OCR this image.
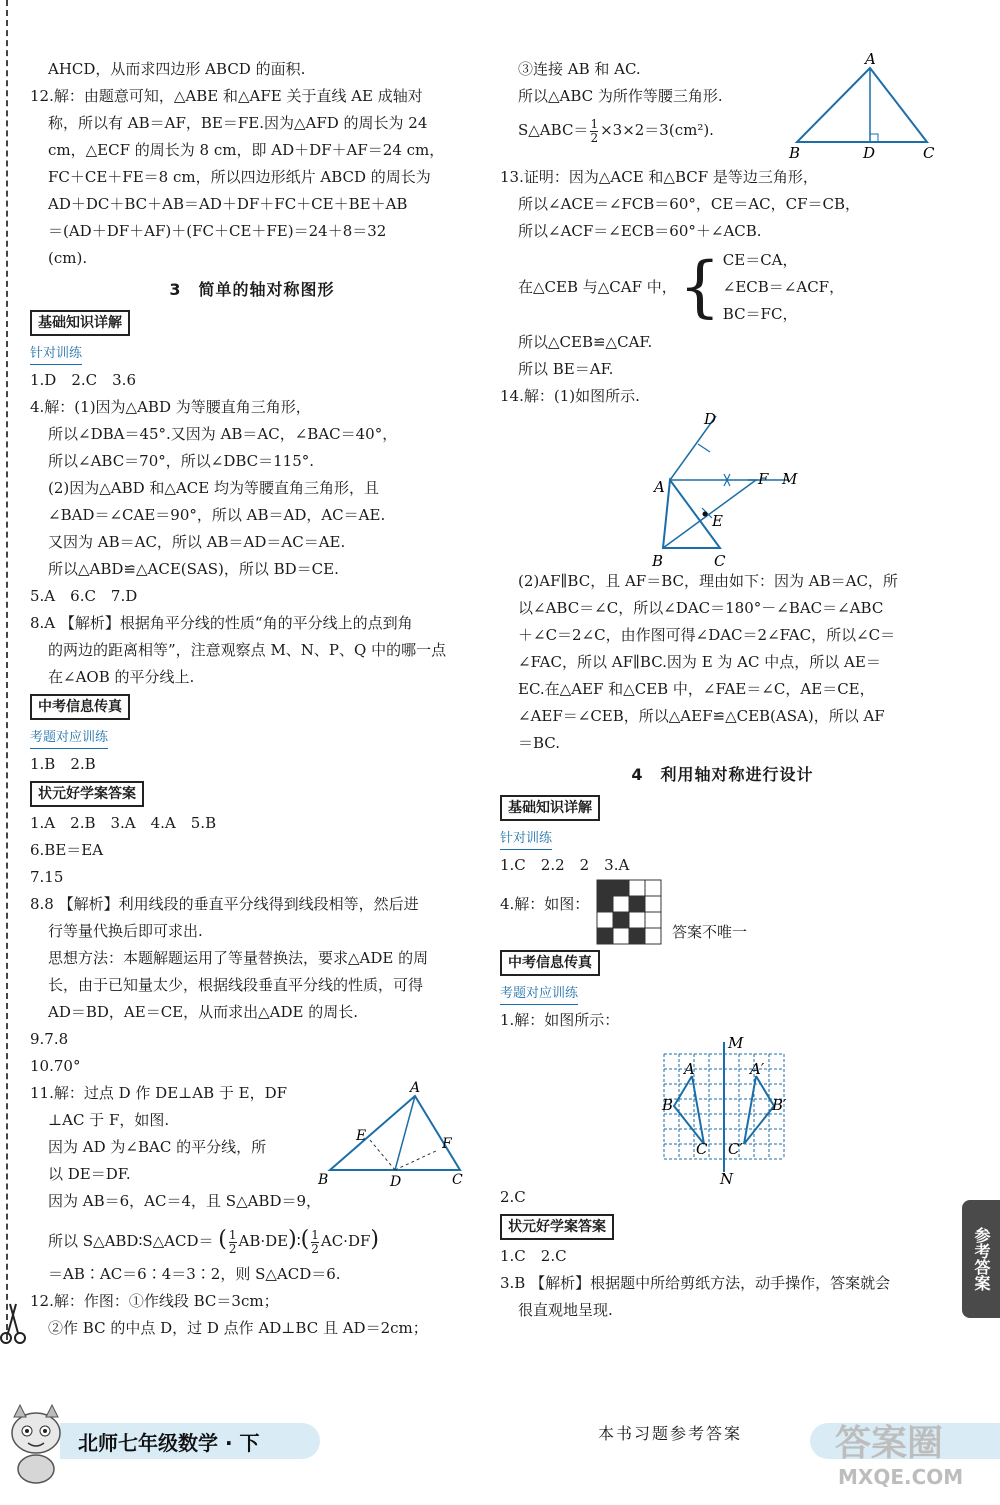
AHCD，从而求四边形 ABCD 的面积.
12.解：由题意可知，△ABE 和△AFE 关于直线 AE 成轴对
称，所以有 AB＝AF，BE＝FE.因为△AFD 的周长为 24
cm，△ECF 的周长为 8 cm，即 AD＋DF＋AF＝24 cm，
FC＋CE＋FE＝8 cm，所以四边形纸片 ABCD 的周长为
AD＋DC＋BC＋AB＝AD＋DF＋FC＋CE＋BE＋AB
＝(AD＋DF＋AF)＋(FC＋CE＋FE)＝24＋8＝32
(cm).
3　简单的轴对称图形
基础知识详解
针对训练
1.D　2.C　3.6
4.解：(1)因为△ABD 为等腰直角三角形，
所以∠DBA＝45°.又因为 AB＝AC，∠BAC＝40°，
所以∠ABC＝70°，所以∠DBC＝115°.
(2)因为△ABD 和△ACE 均为等腰直角三角形，且
∠BAD＝∠CAE＝90°，所以 AB＝AD，AC＝AE.
又因为 AB＝AC，所以 AB＝AD＝AC＝AE.
所以△ABD≌△ACE(SAS)，所以 BD＝CE.
5.A　6.C　7.D
8.A 【解析】根据角平分线的性质“角的平分线上的点到角
的两边的距离相等”，注意观察点 M、N、P、Q 中的哪一点
在∠AOB 的平分线上.
中考信息传真
考题对应训练
1.B　2.B
状元好学案答案
1.A　2.B　3.A　4.A　5.B
6.BE＝EA
7.15
8.8 【解析】利用线段的垂直平分线得到线段相等，然后进
行等量代换后即可求出.
思想方法：本题解题运用了等量替换法，要求△ADE 的周
长，由于已知量太少，根据线段垂直平分线的性质，可得
AD＝BD，AE＝CE，从而求出△ADE 的周长.
9.7.8
10.70°
11.解：过点 D 作 DE⊥AB 于 E，DF
⊥AC 于 F，如图.
因为 AD 为∠BAC 的平分线，所
以 DE＝DF.
因为 AB＝6，AC＝4，且 S△ABD＝9，
A
B	C
D
E	F
所以 S△ABD∶S△ACD＝ ( $\frac{1}{2}$ AB·DE)∶( $\frac{1}{2} AC\cdot DF$)
＝AB∶AC＝6∶4＝3∶2，则 S△ACD＝6.
12.解：作图：①作线段 BC＝3cm；
②作 BC 的中点 D，过 D 点作 AD⊥BC 且 AD＝2cm；
③连接 AB 和 AC.
所以△ABC 为所作等腰三角形.
S△ABC＝ $\frac{1}{2} \times 3\times 2=3(cm^2)$.
A
B	D	C
13.证明：因为△ACE 和△BCF 是等边三角形，
所以∠ACE＝∠FCB＝60°，CE＝AC，CF＝CB，
所以∠ACF＝∠ECB＝60°＋∠ACB.
在△CEB 与△CAF 中， { CE＝CA，
∠ECB＝∠ACF，
BC＝FC，
所以△CEB≌△CAF.
所以 BE＝AF.
14.解：(1)如图所示.
D
A	F M
E
B	C
(2)AF∥BC，且 AF＝BC，理由如下：因为 AB＝AC，所
以∠ABC＝∠C，所以∠DAC＝180°－∠BAC＝∠ABC
＋∠C＝2∠C，由作图可得∠DAC＝2∠FAC，所以∠C＝
∠FAC，所以 AF∥BC.因为 E 为 AC 中点，所以 AE＝
EC.在△AEF 和△CEB 中，∠FAE＝∠C，AE＝CE，
∠AEF＝∠CEB，所以△AEF≌△CEB(ASA)，所以 AF
＝BC.
4　利用轴对称进行设计
基础知识详解
针对训练
1.C　2.2　2　3.A
4.解：如图：
答案不唯一
中考信息传真
考题对应训练
1.解：如图所示：
M
N
A	A′
B	B′
C C′
2.C
状元好学案答案
1.C　2.C
3.B 【解析】根据题中所给剪纸方法，动手操作，答案就会
很直观地呈现.
参考答案
北师七年级数学 · 下	本书习题参考答案	答案圈
MXQE.COM
